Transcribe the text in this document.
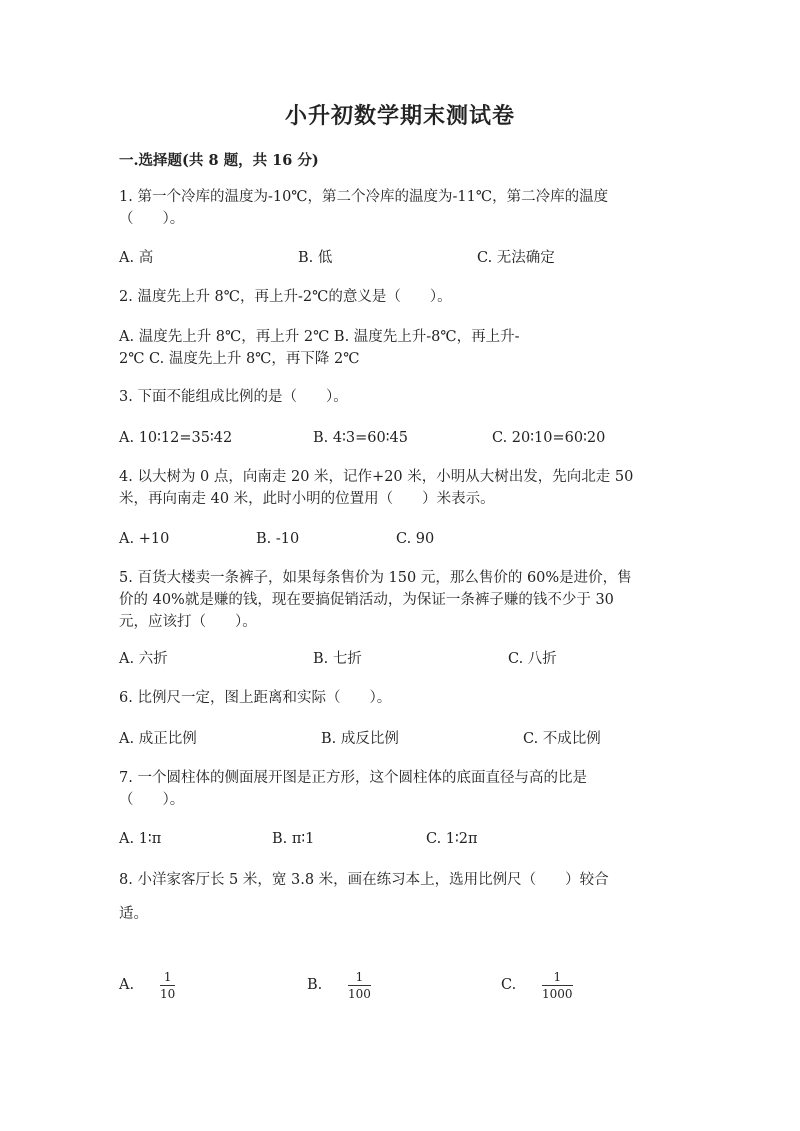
小升初数学期末测试卷
一.选择题(共 8 题，共 16 分)
1. 第一个冷库的温度为-10℃，第二个冷库的温度为-11℃，第二冷库的温度
（　　）。
A. 高	B. 低	C. 无法确定
2. 温度先上升 8℃，再上升-2℃的意义是（　　）。
A. 温度先上升 8℃，再上升 2℃ B. 温度先上升-8℃，再上升-
2℃ C. 温度先上升 8℃，再下降 2℃
3. 下面不能组成比例的是（　　）。
A. 10∶12=35∶42	B. 4∶3=60∶45	C. 20∶10=60∶20
4. 以大树为 0 点，向南走 20 米，记作+20 米，小明从大树出发，先向北走 50
米，再向南走 40 米，此时小明的位置用（　　）米表示。
A. +10	B. -10	C. 90
5. 百货大楼卖一条裤子，如果每条售价为 150 元，那么售价的 60%是进价，售
价的 40%就是赚的钱，现在要搞促销活动，为保证一条裤子赚的钱不少于 30
元，应该打（　　）。
A. 六折	B. 七折	C. 八折
6. 比例尺一定，图上距离和实际（　　）。
A. 成正比例	B. 成反比例	C. 不成比例
7. 一个圆柱体的侧面展开图是正方形，这个圆柱体的底面直径与高的比是
（　　）。
A. 1∶π	B. π∶1	C. 1∶2π
8. 小洋家客厅长 5 米，宽 3.8 米，画在练习本上，选用比例尺（　　）较合
适。
A. $\frac{1}{10}$	B. $\frac{1}{100}$	C. $\frac{1}{1000}$
